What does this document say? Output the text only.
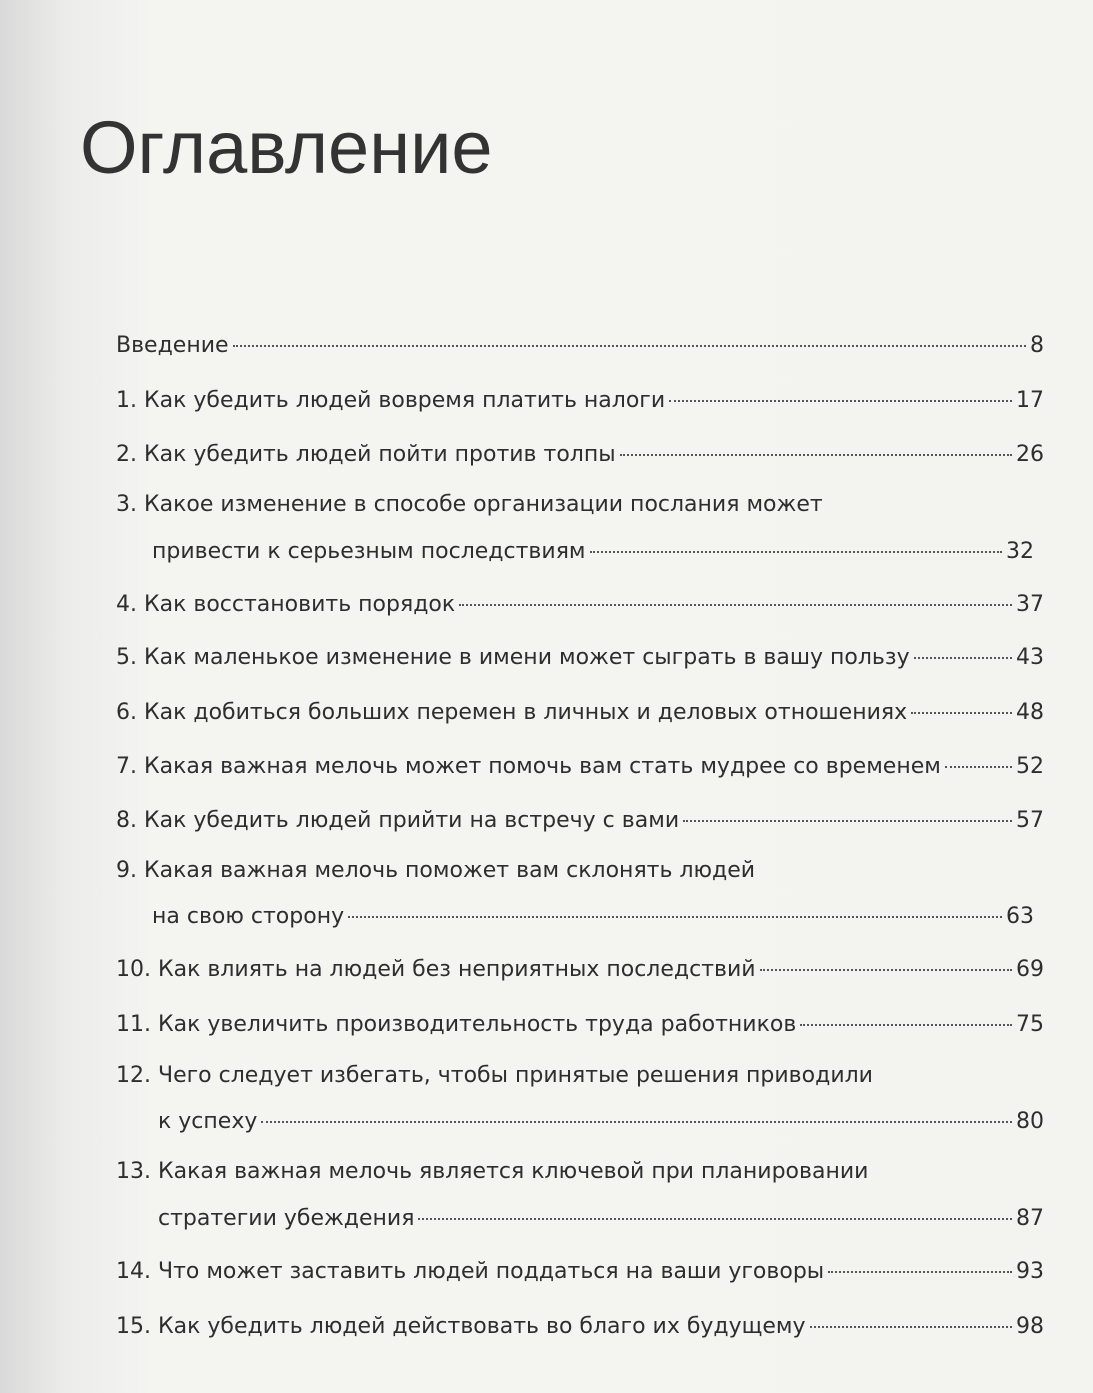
Оглавление
Введение	8
1. Как убедить людей вовремя платить налоги	17
2. Как убедить людей пойти против толпы	26
3. Какое изменение в способе организации послания может
привести к серьезным последствиям	32
4. Как восстановить порядок	37
5. Как маленькое изменение в имени может сыграть в вашу пользу	43
6. Как добиться больших перемен в личных и деловых отношениях	48
7. Какая важная мелочь может помочь вам стать мудрее со временем	52
8. Как убедить людей прийти на встречу с вами	57
9. Какая важная мелочь поможет вам склонять людей
на свою сторону	63
10. Как влиять на людей без неприятных последствий	69
11. Как увеличить производительность труда работников	75
12. Чего следует избегать, чтобы принятые решения приводили
к успеху	80
13. Какая важная мелочь является ключевой при планировании
стратегии убеждения	87
14. Что может заставить людей поддаться на ваши уговоры	93
15. Как убедить людей действовать во благо их будущему	98
